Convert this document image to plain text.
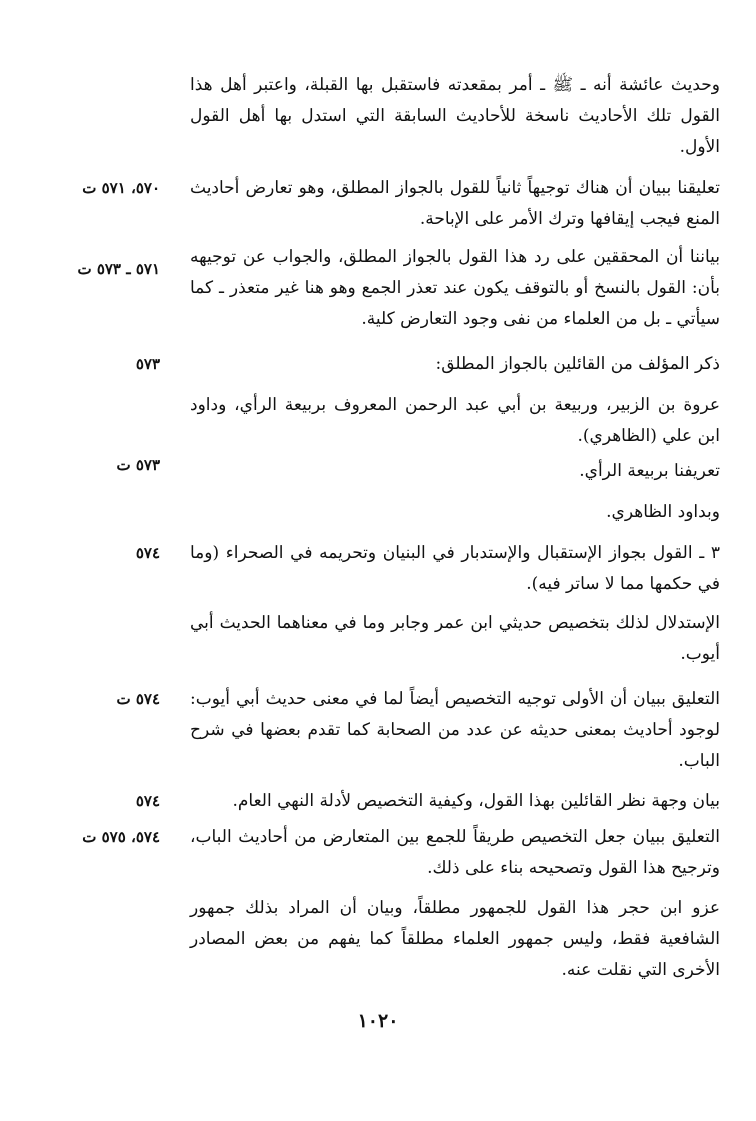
وحديث عائشة أنه ـ ﷺ ـ أمر بمقعدته فاستقبل بها القبلة، واعتبر أهل هذا القول تلك الأحاديث ناسخة للأحاديث السابقة التي استدل بها أهل القول الأول.
تعليقنا ببيان أن هناك توجيهاً ثانياً للقول بالجواز المطلق، وهو تعارض أحاديث المنع فيجب إيقافها وترك الأمر على الإباحة.
٥٧٠، ٥٧١ ت
بياننا أن المحققين على رد هذا القول بالجواز المطلق، والجواب عن توجيهه بأن: القول بالنسخ أو بالتوقف يكون عند تعذر الجمع وهو هنا غير متعذر ـ كما سيأتي ـ بل من العلماء من نفى وجود التعارض كلية.
٥٧١ ـ ٥٧٣ ت
ذكر المؤلف من القائلين بالجواز المطلق:
٥٧٣
عروة بن الزبير، وربيعة بن أبي عبد الرحمن المعروف بربيعة الرأي، وداود ابن علي (الظاهري).
تعريفنا بربيعة الرأي.
٥٧٣ ت
وبداود الظاهري.
٣ ـ القول بجواز الإستقبال والإستدبار في البنيان وتحريمه في الصحراء (وما في حكمها مما لا ساتر فيه).
٥٧٤
الإستدلال لذلك بتخصيص حديثي ابن عمر وجابر وما في معناهما الحديث أبي أيوب.
التعليق ببيان أن الأولى توجيه التخصيص أيضاً لما في معنى حديث أبي أيوب: لوجود أحاديث بمعنى حديثه عن عدد من الصحابة كما تقدم بعضها في شرح الباب.
٥٧٤ ت
بيان وجهة نظر القائلين بهذا القول، وكيفية التخصيص لأدلة النهي العام.
٥٧٤
التعليق ببيان جعل التخصيص طريقاً للجمع بين المتعارض من أحاديث الباب، وترجيح هذا القول وتصحيحه بناء على ذلك.
٥٧٤، ٥٧٥ ت
عزو ابن حجر هذا القول للجمهور مطلقاً، وبيان أن المراد بذلك جمهور الشافعية فقط، وليس جمهور العلماء مطلقاً كما يفهم من بعض المصادر الأخرى التي نقلت عنه.
١٠٢٠
